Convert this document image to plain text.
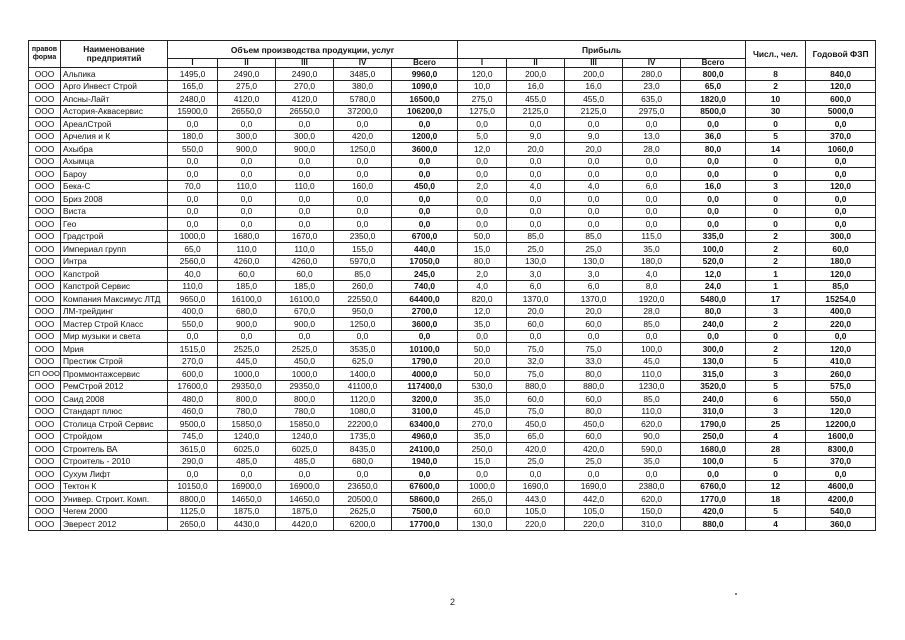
правов форма	Наименование предприятий	Объем производства продукции, услуг					Прибыль					Числ., чел.	Годовой ФЗП
		I	II	III	IV	Всего	I	II	III	IV	Всего		
ООО	Альпика	1495,0	2490,0	2490,0	3485,0	9960,0	120,0	200,0	200,0	280,0	800,0	8	840,0
ООО	Арго Инвест Строй	165,0	275,0	270,0	380,0	1090,0	10,0	16,0	16,0	23,0	65,0	2	120,0
ООО	Апсны-Лайт	2480,0	4120,0	4120,0	5780,0	16500,0	275,0	455,0	455,0	635,0	1820,0	10	600,0
ООО	Астория-Аквасервис	15900,0	26550,0	26550,0	37200,0	106200,0	1275,0	2125,0	2125,0	2975,0	8500,0	30	5000,0
ООО	АреалСтрой	0,0	0,0	0,0	0,0	0,0	0,0	0,0	0,0	0,0	0,0	0	0,0
ООО	Арчелия и К	180,0	300,0	300,0	420,0	1200,0	5,0	9,0	9,0	13,0	36,0	5	370,0
ООО	Ахыбра	550,0	900,0	900,0	1250,0	3600,0	12,0	20,0	20,0	28,0	80,0	14	1060,0
ООО	Ахымца	0,0	0,0	0,0	0,0	0,0	0,0	0,0	0,0	0,0	0,0	0	0,0
ООО	Бароу	0,0	0,0	0,0	0,0	0,0	0,0	0,0	0,0	0,0	0,0	0	0,0
ООО	Бека-С	70,0	110,0	110,0	160,0	450,0	2,0	4,0	4,0	6,0	16,0	3	120,0
ООО	Бриз 2008	0,0	0,0	0,0	0,0	0,0	0,0	0,0	0,0	0,0	0,0	0	0,0
ООО	Виста	0,0	0,0	0,0	0,0	0,0	0,0	0,0	0,0	0,0	0,0	0	0,0
ООО	Гео	0,0	0,0	0,0	0,0	0,0	0,0	0,0	0,0	0,0	0,0	0	0,0
ООО	Градстрой	1000,0	1680,0	1670,0	2350,0	6700,0	50,0	85,0	85,0	115,0	335,0	2	300,0
ООО	Империал групп	65,0	110,0	110,0	155,0	440,0	15,0	25,0	25,0	35,0	100,0	2	60,0
ООО	Интра	2560,0	4260,0	4260,0	5970,0	17050,0	80,0	130,0	130,0	180,0	520,0	2	180,0
ООО	Капстрой	40,0	60,0	60,0	85,0	245,0	2,0	3,0	3,0	4,0	12,0	1	120,0
ООО	Капстрой Сервис	110,0	185,0	185,0	260,0	740,0	4,0	6,0	6,0	8,0	24,0	1	85,0
ООО	Компания Максимус ЛТД	9650,0	16100,0	16100,0	22550,0	64400,0	820,0	1370,0	1370,0	1920,0	5480,0	17	15254,0
ООО	ЛМ-трейдинг	400,0	680,0	670,0	950,0	2700,0	12,0	20,0	20,0	28,0	80,0	3	400,0
ООО	Мастер Строй Класс	550,0	900,0	900,0	1250,0	3600,0	35,0	60,0	60,0	85,0	240,0	2	220,0
ООО	Мир музыки и света	0,0	0,0	0,0	0,0	0,0	0,0	0,0	0,0	0,0	0,0	0	0,0
ООО	Мрия	1515,0	2525,0	2525,0	3535,0	10100,0	50,0	75,0	75,0	100,0	300,0	2	120,0
ООО	Престиж Строй	270,0	445,0	450,0	625,0	1790,0	20,0	32,0	33,0	45,0	130,0	5	410,0
СП ООО	Проммонтажсервис	600,0	1000,0	1000,0	1400,0	4000,0	50,0	75,0	80,0	110,0	315,0	3	260,0
ООО	РемСтрой 2012	17600,0	29350,0	29350,0	41100,0	117400,0	530,0	880,0	880,0	1230,0	3520,0	5	575,0
ООО	Саид 2008	480,0	800,0	800,0	1120,0	3200,0	35,0	60,0	60,0	85,0	240,0	6	550,0
ООО	Стандарт плюс	460,0	780,0	780,0	1080,0	3100,0	45,0	75,0	80,0	110,0	310,0	3	120,0
ООО	Столица Строй Сервис	9500,0	15850,0	15850,0	22200,0	63400,0	270,0	450,0	450,0	620,0	1790,0	25	12200,0
ООО	Стройдом	745,0	1240,0	1240,0	1735,0	4960,0	35,0	65,0	60,0	90,0	250,0	4	1600,0
ООО	Строитель ВА	3615,0	6025,0	6025,0	8435,0	24100,0	250,0	420,0	420,0	590,0	1680,0	28	8300,0
ООО	Строитель - 2010	290,0	485,0	485,0	680,0	1940,0	15,0	25,0	25,0	35,0	100,0	5	370,0
ООО	Сухум Лифт	0,0	0,0	0,0	0,0	0,0	0,0	0,0	0,0	0,0	0,0	0	0,0
ООО	Тектон К	10150,0	16900,0	16900,0	23650,0	67600,0	1000,0	1690,0	1690,0	2380,0	6760,0	12	4600,0
ООО	Универ. Строит. Комп.	8800,0	14650,0	14650,0	20500,0	58600,0	265,0	443,0	442,0	620,0	1770,0	18	4200,0
ООО	Чегем 2000	1125,0	1875,0	1875,0	2625,0	7500,0	60,0	105,0	105,0	150,0	420,0	5	540,0
ООО	Эверест 2012	2650,0	4430,0	4420,0	6200,0	17700,0	130,0	220,0	220,0	310,0	880,0	4	360,0
2
